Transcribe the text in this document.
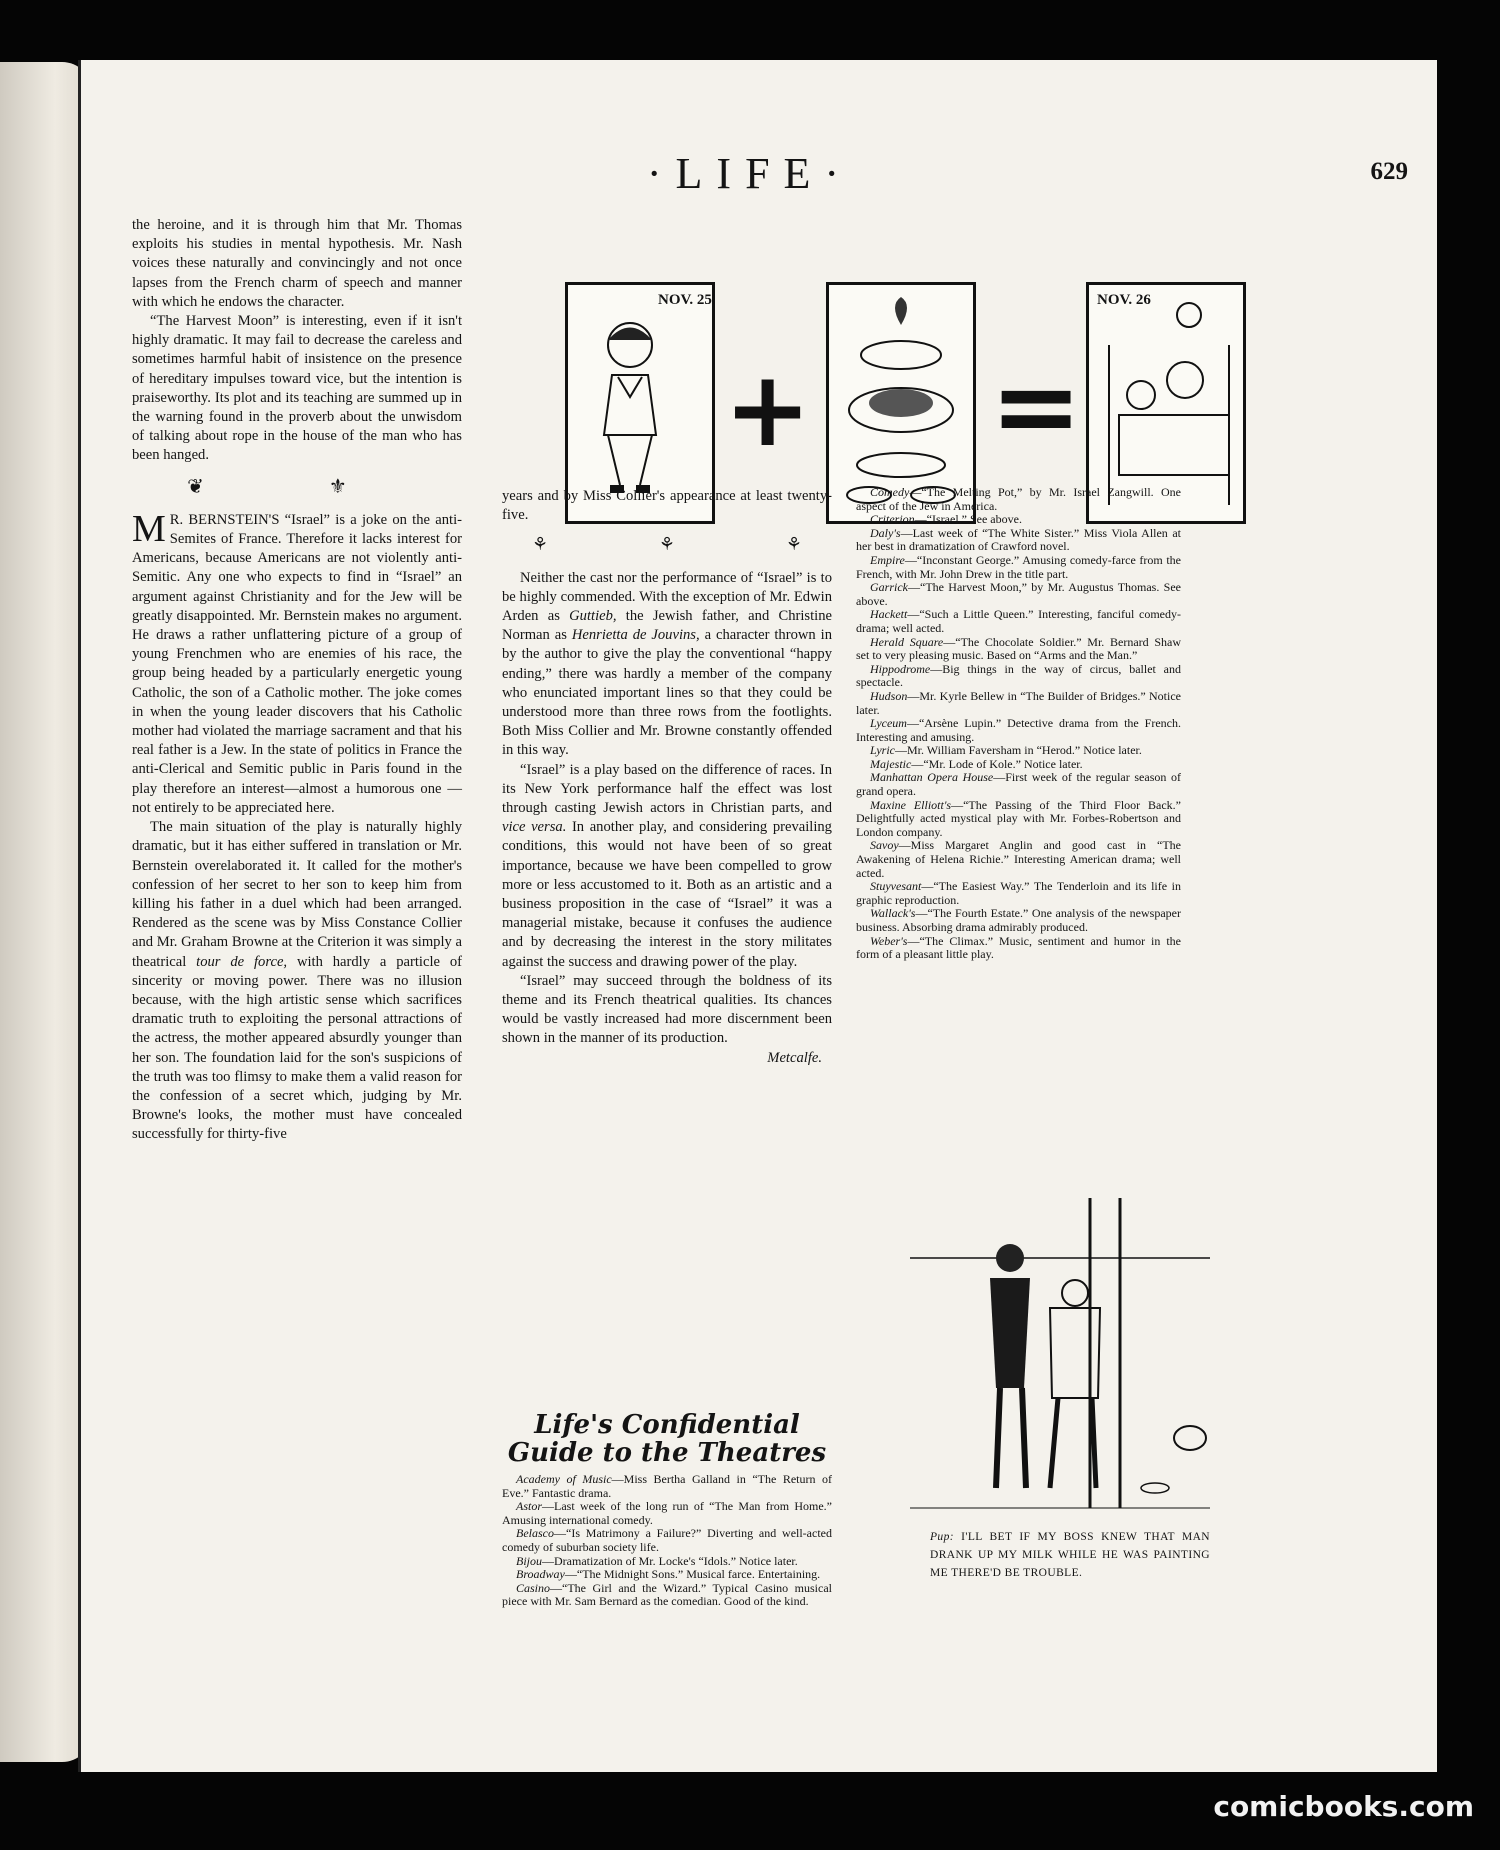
·LIFE·	629
NOV. 25
+ =
NOV. 26

the heroine, and it is through him that Mr. Thomas exploits his studies in mental hypothesis. Mr. Nash voices these naturally and convincingly and not once lapses from the French charm of speech and manner with which he endows the character.

“The Harvest Moon” is interesting, even if it isn't highly dramatic. It may fail to decrease the careless and sometimes harmful habit of insistence on the presence of hereditary impulses toward vice, but the intention is praiseworthy. Its plot and its teaching are summed up in the warning found in the proverb about the unwisdom of talking about rope in the house of the man who has been hanged.

❦ ⚜

M R. BERNSTEIN'S “Israel” is a joke on the anti-Semites of France. Therefore it lacks interest for Americans, because Americans are not violently anti-Semitic. Any one who expects to find in “Israel” an argument against Christianity and for the Jew will be greatly disappointed. Mr. Bernstein makes no argument. He draws a rather unflattering picture of a group of young Frenchmen who are enemies of his race, the group being headed by a particularly energetic young Catholic, the son of a Catholic mother. The joke comes in when the young leader discovers that his Catholic mother had violated the marriage sacrament and that his real father is a Jew. In the state of politics in France the anti-Clerical and Semitic public in Paris found in the play therefore an interest—almost a humorous one —not entirely to be appreciated here.

The main situation of the play is naturally highly dramatic, but it has either suffered in translation or Mr. Bernstein overelaborated it. It called for the mother's confession of her secret to her son to keep him from killing his father in a duel which had been arranged. Rendered as the scene was by Miss Constance Collier and Mr. Graham Browne at the Criterion it was simply a theatrical tour de force, with hardly a particle of sincerity or moving power. There was no illusion because, with the high artistic sense which sacrifices dramatic truth to exploiting the personal attractions of the actress, the mother appeared absurdly younger than her son. The foundation laid for the son's suspicions of the truth was too flimsy to make them a valid reason for the confession of a secret which, judging by Mr. Browne's looks, the mother must have concealed successfully for thirty-five

years and by Miss Collier's appearance at least twenty-five.

⚘	⚘	⚘

Neither the cast nor the performance of “Israel” is to be highly commended. With the exception of Mr. Edwin Arden as Guttieb, the Jewish father, and Christine Norman as Henrietta de Jouvins, a character thrown in by the author to give the play the conventional “happy ending,” there was hardly a member of the company who enunciated important lines so that they could be understood more than three rows from the footlights. Both Miss Collier and Mr. Browne constantly offended in this way.

“Israel” is a play based on the difference of races. In its New York performance half the effect was lost through casting Jewish actors in Christian parts, and vice versa. In another play, and considering prevailing conditions, this would not have been of so great importance, because we have been compelled to grow more or less accustomed to it. Both as an artistic and a business proposition in the case of “Israel” it was a managerial mistake, because it confuses the audience and by decreasing the interest in the story militates against the success and drawing power of the play.

“Israel” may succeed through the boldness of its theme and its French theatrical qualities. Its chances would be vastly increased had more discernment been shown in the manner of its production.

Metcalfe.
Life's Confidential
Guide to the Theatres

Academy of Music—Miss Bertha Galland in “The Return of Eve.” Fantastic drama.

Astor—Last week of the long run of “The Man from Home.” Amusing international comedy.

Belasco—“Is Matrimony a Failure?” Diverting and well-acted comedy of suburban society life.

Bijou—Dramatization of Mr. Locke's “Idols.” Notice later.

Broadway—“The Midnight Sons.” Musical farce. Entertaining.

Casino—“The Girl and the Wizard.” Typical Casino musical piece with Mr. Sam Bernard as the comedian. Good of the kind.

Comedy—“The Melting Pot,” by Mr. Israel Zangwill. One aspect of the Jew in America.

Criterion—“Israel.” See above.

Daly's—Last week of “The White Sister.” Miss Viola Allen at her best in dramatization of Crawford novel.

Empire—“Inconstant George.” Amusing comedy-farce from the French, with Mr. John Drew in the title part.

Garrick—“The Harvest Moon,” by Mr. Augustus Thomas. See above.

Hackett—“Such a Little Queen.” Interesting, fanciful comedy-drama; well acted.

Herald Square—“The Chocolate Soldier.” Mr. Bernard Shaw set to very pleasing music. Based on “Arms and the Man.”

Hippodrome—Big things in the way of circus, ballet and spectacle.

Hudson—Mr. Kyrle Bellew in “The Builder of Bridges.” Notice later.

Lyceum—“Arsène Lupin.” Detective drama from the French. Interesting and amusing.

Lyric—Mr. William Faversham in “Herod.” Notice later.

Majestic—“Mr. Lode of Kole.” Notice later.

Manhattan Opera House—First week of the regular season of grand opera.

Maxine Elliott's—“The Passing of the Third Floor Back.” Delightfully acted mystical play with Mr. Forbes-Robertson and London company.

Savoy—Miss Margaret Anglin and good cast in “The Awakening of Helena Richie.” Interesting American drama; well acted.

Stuyvesant—“The Easiest Way.” The Tenderloin and its life in graphic reproduction.

Wallack's—“The Fourth Estate.” One analysis of the newspaper business. Absorbing drama admirably produced.

Weber's—“The Climax.” Music, sentiment and humor in the form of a pleasant little play.

Pup: I'LL BET IF MY BOSS KNEW THAT MAN DRANK UP MY MILK WHILE HE WAS PAINTING ME THERE'D BE TROUBLE.
comicbooks.com
